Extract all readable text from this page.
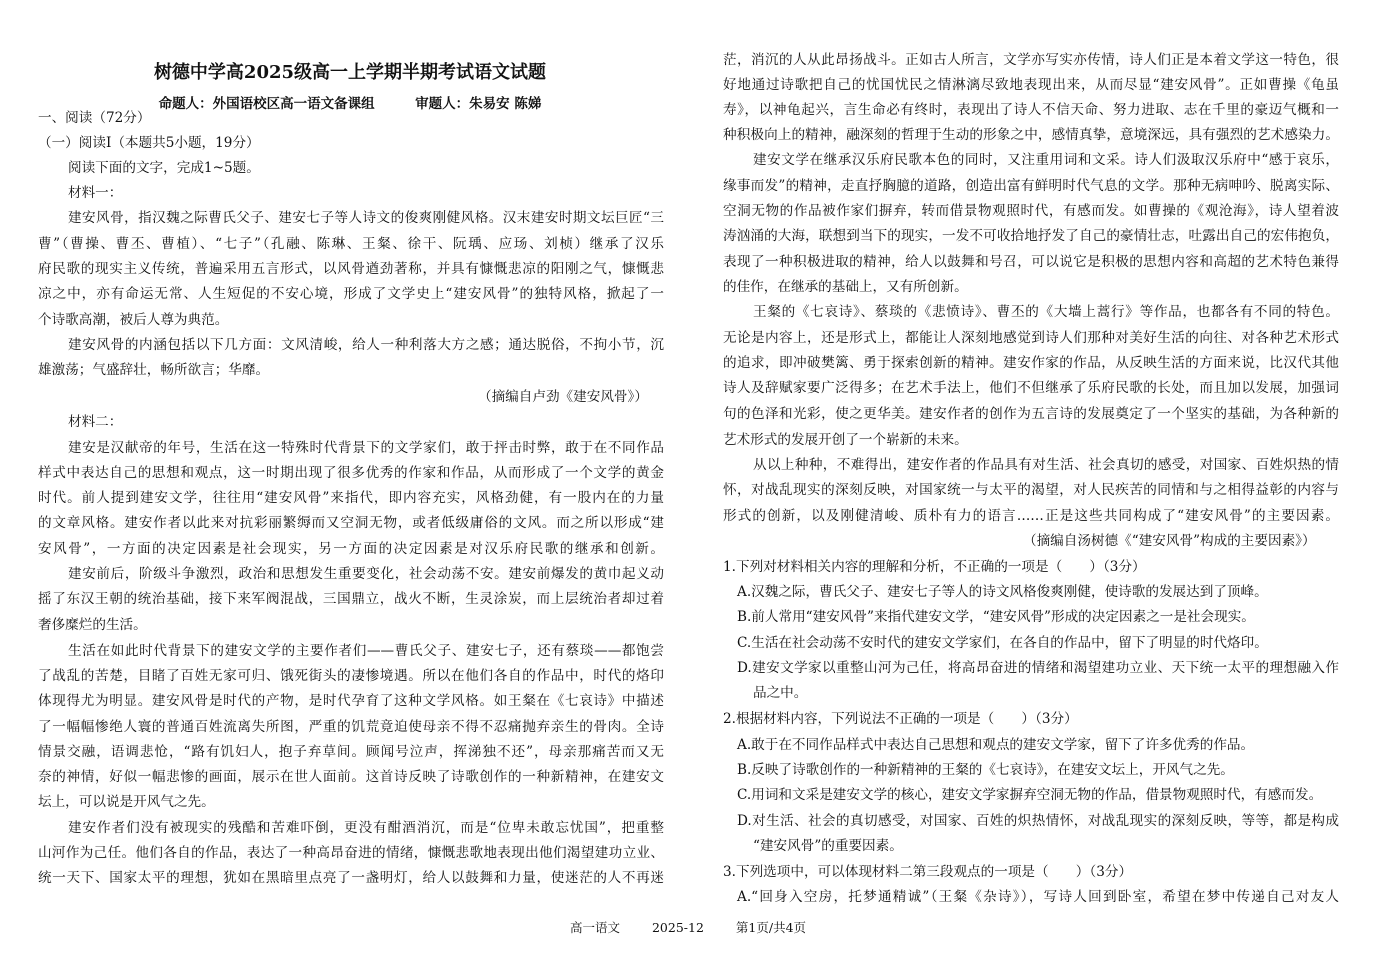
树德中学高2025级高一上学期半期考试语文试题
命题人：外国语校区高一语文备课组　　　审题人：朱易安 陈娣
一、阅读（72分）
（一）阅读Ⅰ（本题共5小题，19分）
阅读下面的文字，完成1~5题。
材料一：
建安风骨，指汉魏之际曹氏父子、建安七子等人诗文的俊爽刚健风格。汉末建安时期文坛巨匠“三
曹”（曹操、曹丕、曹植）、“七子”（孔融、陈琳、王粲、徐干、阮瑀、应玚、刘桢）继承了汉乐
府民歌的现实主义传统，普遍采用五言形式，以风骨遒劲著称，并具有慷慨悲凉的阳刚之气，慷慨悲
凉之中，亦有命运无常、人生短促的不安心境，形成了文学史上“建安风骨”的独特风格，掀起了一
个诗歌高潮，被后人尊为典范。
建安风骨的内涵包括以下几方面：文风清峻，给人一种利落大方之感；通达脱俗，不拘小节，沉
雄激荡；气盛辞壮，畅所欲言；华靡。
（摘编自卢劲《建安风骨》）
材料二：
建安是汉献帝的年号，生活在这一特殊时代背景下的文学家们，敢于抨击时弊，敢于在不同作品
样式中表达自己的思想和观点，这一时期出现了很多优秀的作家和作品，从而形成了一个文学的黄金
时代。前人提到建安文学，往往用“建安风骨”来指代，即内容充实，风格劲健，有一股内在的力量
的文章风格。建安作者以此来对抗彩丽繁缛而又空洞无物，或者低级庸俗的文风。而之所以形成“建
安风骨”，一方面的决定因素是社会现实，另一方面的决定因素是对汉乐府民歌的继承和创新。
建安前后，阶级斗争激烈，政治和思想发生重要变化，社会动荡不安。建安前爆发的黄巾起义动
摇了东汉王朝的统治基础，接下来军阀混战，三国鼎立，战火不断，生灵涂炭，而上层统治者却过着
奢侈糜烂的生活。
生活在如此时代背景下的建安文学的主要作者们——曹氏父子、建安七子，还有蔡琰——都饱尝
了战乱的苦楚，目睹了百姓无家可归、饿死街头的凄惨境遇。所以在他们各自的作品中，时代的烙印
体现得尤为明显。建安风骨是时代的产物，是时代孕育了这种文学风格。如王粲在《七哀诗》中描述
了一幅幅惨绝人寰的普通百姓流离失所图，严重的饥荒竟迫使母亲不得不忍痛抛弃亲生的骨肉。全诗
情景交融，语调悲怆，“路有饥妇人，抱子弃草间。顾闻号泣声，挥涕独不还”，母亲那痛苦而又无
奈的神情，好似一幅悲惨的画面，展示在世人面前。这首诗反映了诗歌创作的一种新精神，在建安文
坛上，可以说是开风气之先。
建安作者们没有被现实的残酷和苦难吓倒，更没有酣酒消沉，而是“位卑未敢忘忧国”，把重整
山河作为己任。他们各自的作品，表达了一种高昂奋进的情绪，慷慨悲歌地表现出他们渴望建功立业、
统一天下、国家太平的理想，犹如在黑暗里点亮了一盏明灯，给人以鼓舞和力量，使迷茫的人不再迷
茫，消沉的人从此昂扬战斗。正如古人所言，文学亦写实亦传情，诗人们正是本着文学这一特色，很
好地通过诗歌把自己的忧国忧民之情淋漓尽致地表现出来，从而尽显“建安风骨”。正如曹操《龟虽
寿》，以神龟起兴，言生命必有终时，表现出了诗人不信天命、努力进取、志在千里的豪迈气概和一
种积极向上的精神，融深刻的哲理于生动的形象之中，感情真挚，意境深远，具有强烈的艺术感染力。
建安文学在继承汉乐府民歌本色的同时，又注重用词和文采。诗人们汲取汉乐府中“感于哀乐，
缘事而发”的精神，走直抒胸臆的道路，创造出富有鲜明时代气息的文学。那种无病呻吟、脱离实际、
空洞无物的作品被作家们摒弃，转而借景物观照时代，有感而发。如曹操的《观沧海》，诗人望着波
涛汹涌的大海，联想到当下的现实，一发不可收拾地抒发了自己的豪情壮志，吐露出自己的宏伟抱负，
表现了一种积极进取的精神，给人以鼓舞和号召，可以说它是积极的思想内容和高超的艺术特色兼得
的佳作，在继承的基础上，又有所创新。
王粲的《七哀诗》、蔡琰的《悲愤诗》、曹丕的《大墙上蒿行》等作品，也都各有不同的特色。
无论是内容上，还是形式上，都能让人深刻地感觉到诗人们那种对美好生活的向往、对各种艺术形式
的追求，即冲破樊篱、勇于探索创新的精神。建安作家的作品，从反映生活的方面来说，比汉代其他
诗人及辞赋家要广泛得多；在艺术手法上，他们不但继承了乐府民歌的长处，而且加以发展，加强词
句的色泽和光彩，使之更华美。建安作者的创作为五言诗的发展奠定了一个坚实的基础，为各种新的
艺术形式的发展开创了一个崭新的未来。
从以上种种，不难得出，建安作者的作品具有对生活、社会真切的感受，对国家、百姓炽热的情
怀，对战乱现实的深刻反映，对国家统一与太平的渴望，对人民疾苦的同情和与之相得益彰的内容与
形式的创新，以及刚健清峻、质朴有力的语言……正是这些共同构成了“建安风骨”的主要因素。
（摘编自汤树德《“建安风骨”构成的主要因素》）
1.下列对材料相关内容的理解和分析，不正确的一项是（　　）（3分）
A.汉魏之际，曹氏父子、建安七子等人的诗文风格俊爽刚健，使诗歌的发展达到了顶峰。
B.前人常用“建安风骨”来指代建安文学，“建安风骨”形成的决定因素之一是社会现实。
C.生活在社会动荡不安时代的建安文学家们，在各自的作品中，留下了明显的时代烙印。
D.建安文学家以重整山河为己任，将高昂奋进的情绪和渴望建功立业、天下统一太平的理想融入作
品之中。
2.根据材料内容，下列说法不正确的一项是（　　）（3分）
A.敢于在不同作品样式中表达自己思想和观点的建安文学家，留下了许多优秀的作品。
B.反映了诗歌创作的一种新精神的王粲的《七哀诗》，在建安文坛上，开风气之先。
C.用词和文采是建安文学的核心，建安文学家摒弃空洞无物的作品，借景物观照时代，有感而发。
D.对生活、社会的真切感受，对国家、百姓的炽热情怀，对战乱现实的深刻反映，等等，都是构成
“建安风骨”的重要因素。
3.下列选项中，可以体现材料二第三段观点的一项是（　　）（3分）
A.“回身入空房，托梦通精诚”（王粲《杂诗》），写诗人回到卧室，希望在梦中传递自己对友人
高一语文	2025-12	第1页/共4页
